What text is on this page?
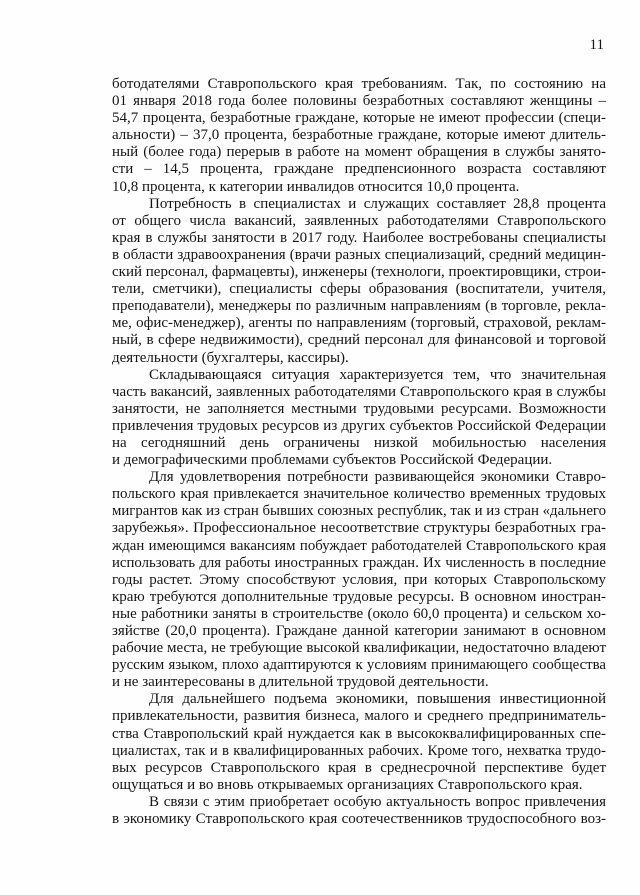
11
ботодателями Ставропольского края требованиям. Так, по состоянию на
01 января 2018 года более половины безработных составляют женщины –
54,7 процента, безработные граждане, которые не имеют профессии (специ-
альности) – 37,0 процента, безработные граждане, которые имеют длитель-
ный (более года) перерыв в работе на момент обращения в службы занято-
сти – 14,5 процента, граждане предпенсионного возраста составляют
10,8 процента, к категории инвалидов относится 10,0 процента.
Потребность в специалистах и служащих составляет 28,8 процента
от общего числа вакансий, заявленных работодателями Ставропольского
края в службы занятости в 2017 году. Наиболее востребованы специалисты
в области здравоохранения (врачи разных специализаций, средний медицин-
ский персонал, фармацевты), инженеры (технологи, проектировщики, строи-
тели, сметчики), специалисты сферы образования (воспитатели, учителя,
преподаватели), менеджеры по различным направлениям (в торговле, рекла-
ме, офис-менеджер), агенты по направлениям (торговый, страховой, реклам-
ный, в сфере недвижимости), средний персонал для финансовой и торговой
деятельности (бухгалтеры, кассиры).
Складывающаяся ситуация характеризуется тем, что значительная
часть вакансий, заявленных работодателями Ставропольского края в службы
занятости, не заполняется местными трудовыми ресурсами. Возможности
привлечения трудовых ресурсов из других субъектов Российской Федерации
на сегодняшний день ограничены низкой мобильностью населения
и демографическими проблемами субъектов Российской Федерации.
Для удовлетворения потребности развивающейся экономики Ставро-
польского края привлекается значительное количество временных трудовых
мигрантов как из стран бывших союзных республик, так и из стран «дальнего
зарубежья». Профессиональное несоответствие структуры безработных гра-
ждан имеющимся вакансиям побуждает работодателей Ставропольского края
использовать для работы иностранных граждан. Их численность в последние
годы растет. Этому способствуют условия, при которых Ставропольскому
краю требуются дополнительные трудовые ресурсы. В основном иностран-
ные работники заняты в строительстве (около 60,0 процента) и сельском хо-
зяйстве (20,0 процента). Граждане данной категории занимают в основном
рабочие места, не требующие высокой квалификации, недостаточно владеют
русским языком, плохо адаптируются к условиям принимающего сообщества
и не заинтересованы в длительной трудовой деятельности.
Для дальнейшего подъема экономики, повышения инвестиционной
привлекательности, развития бизнеса, малого и среднего предприниматель-
ства Ставропольский край нуждается как в высококвалифицированных спе-
циалистах, так и в квалифицированных рабочих. Кроме того, нехватка трудо-
вых ресурсов Ставропольского края в среднесрочной перспективе будет
ощущаться и во вновь открываемых организациях Ставропольского края.
В связи с этим приобретает особую актуальность вопрос привлечения
в экономику Ставропольского края соотечественников трудоспособного воз-
